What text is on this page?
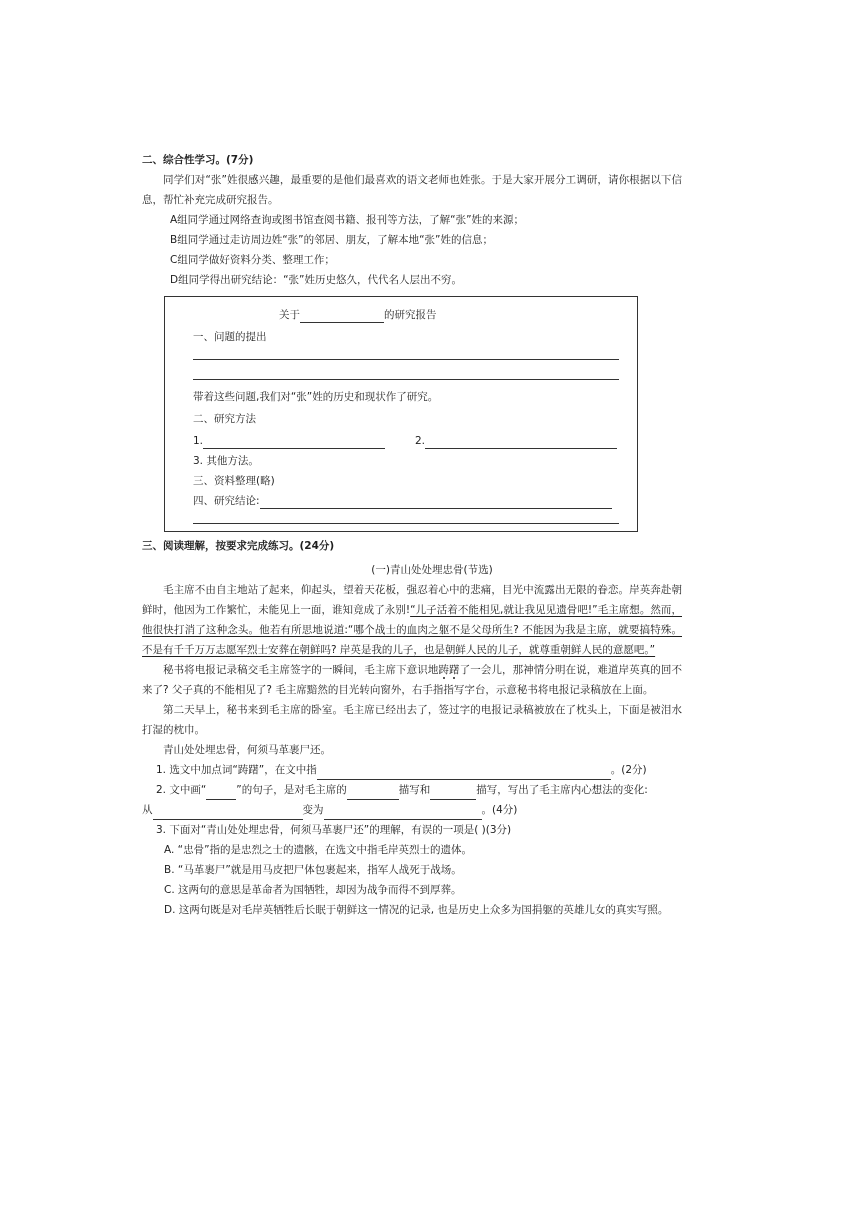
二、综合性学习。(7分)

同学们对“张”姓很感兴趣，最重要的是他们最喜欢的语文老师也姓张。于是大家开展分工调研，请你根据以下信息，帮忙补充完成研究报告。

A组同学通过网络查询或图书馆查阅书籍、报刊等方法，了解“张”姓的来源；

B组同学通过走访周边姓“张”的邻居、朋友，了解本地“张”姓的信息；

C组同学做好资料分类、整理工作；

D组同学得出研究结论：“张”姓历史悠久，代代名人层出不穷。

关于	的研究报告
一、问题的提出
带着这些问题,我们对“张”姓的历史和现状作了研究。
二、研究方法
1.	2.
3. 其他方法。
三、资料整理(略)
四、研究结论:

三、阅读理解，按要求完成练习。(24分)

(一)青山处处埋忠骨(节选)

毛主席不由自主地站了起来，仰起头，望着天花板，强忍着心中的悲痛，目光中流露出无限的眷恋。岸英奔赴朝鲜时，他因为工作繁忙，未能见上一面，谁知竟成了永别!“儿子活着不能相见,就让我见见遗骨吧!”毛主席想。然而，他很快打消了这种念头。他若有所思地说道:“哪个战士的血肉之躯不是父母所生? 不能因为我是主席，就要搞特殊。不是有千千万万志愿军烈士安葬在朝鲜吗? 岸英是我的儿子，也是朝鲜人民的儿子，就尊重朝鲜人民的意愿吧。”

秘书将电报记录稿交毛主席签字的一瞬间，毛主席下意识地踌躇了一会儿，那神情分明在说，难道岸英真的回不来了? 父子真的不能相见了? 毛主席黯然的目光转向窗外，右手指指写字台，示意秘书将电报记录稿放在上面。

第二天早上，秘书来到毛主席的卧室。毛主席已经出去了，签过字的电报记录稿被放在了枕头上，下面是被泪水打湿的枕巾。

青山处处埋忠骨，何须马革裹尸还。

1. 选文中加点词“踌躇”，在文中指	。(2分)

2. 文中画“	”的句子，是对毛主席的	描写和	描写，写出了毛主席内心想法的变化:

从	变为	。(4分)

3. 下面对“青山处处埋忠骨，何须马革裹尸还”的理解，有误的一项是( )(3分)

A. “忠骨”指的是忠烈之士的遗骸，在选文中指毛岸英烈士的遗体。

B. “马革裹尸”就是用马皮把尸体包裹起来，指军人战死于战场。

C. 这两句的意思是革命者为国牺牲，却因为战争而得不到厚葬。

D. 这两句既是对毛岸英牺牲后长眠于朝鲜这一情况的记录, 也是历史上众多为国捐躯的英雄儿女的真实写照。
